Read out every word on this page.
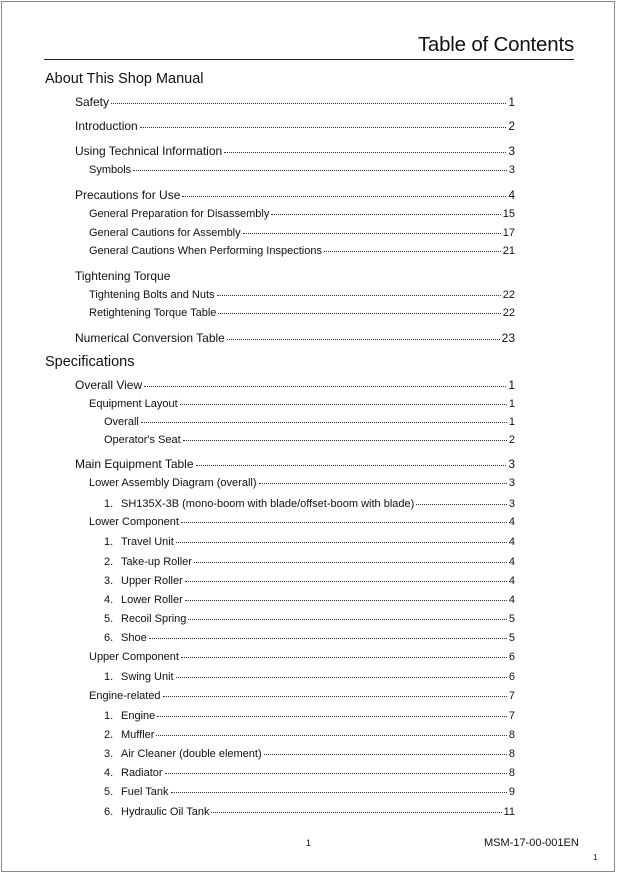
Table of Contents
About This Shop Manual
Safety	1
Introduction	2
Using Technical Information	3
Symbols	3
Precautions for Use	4
General Preparation for Disassembly	15
General Cautions for Assembly	17
General Cautions When Performing Inspections	21
Tightening Torque
Tightening Bolts and Nuts	22
Retightening Torque Table	22
Numerical Conversion Table	23
Specifications
Overall View	1
Equipment Layout	1
Overall	1
Operator's Seat	2
Main Equipment Table	3
Lower Assembly Diagram (overall)	3
1. SH135X-3B (mono-boom with blade/offset-boom with blade)	3
Lower Component	4
1. Travel Unit	4
2. Take-up Roller	4
3. Upper Roller	4
4. Lower Roller	4
5. Recoil Spring	5
6. Shoe	5
Upper Component	6
1. Swing Unit	6
Engine-related	7
1. Engine	7
2. Muffler	8
3. Air Cleaner (double element)	8
4. Radiator	8
5. Fuel Tank	9
6. Hydraulic Oil Tank	11
1	MSM-17-00-001EN
1
